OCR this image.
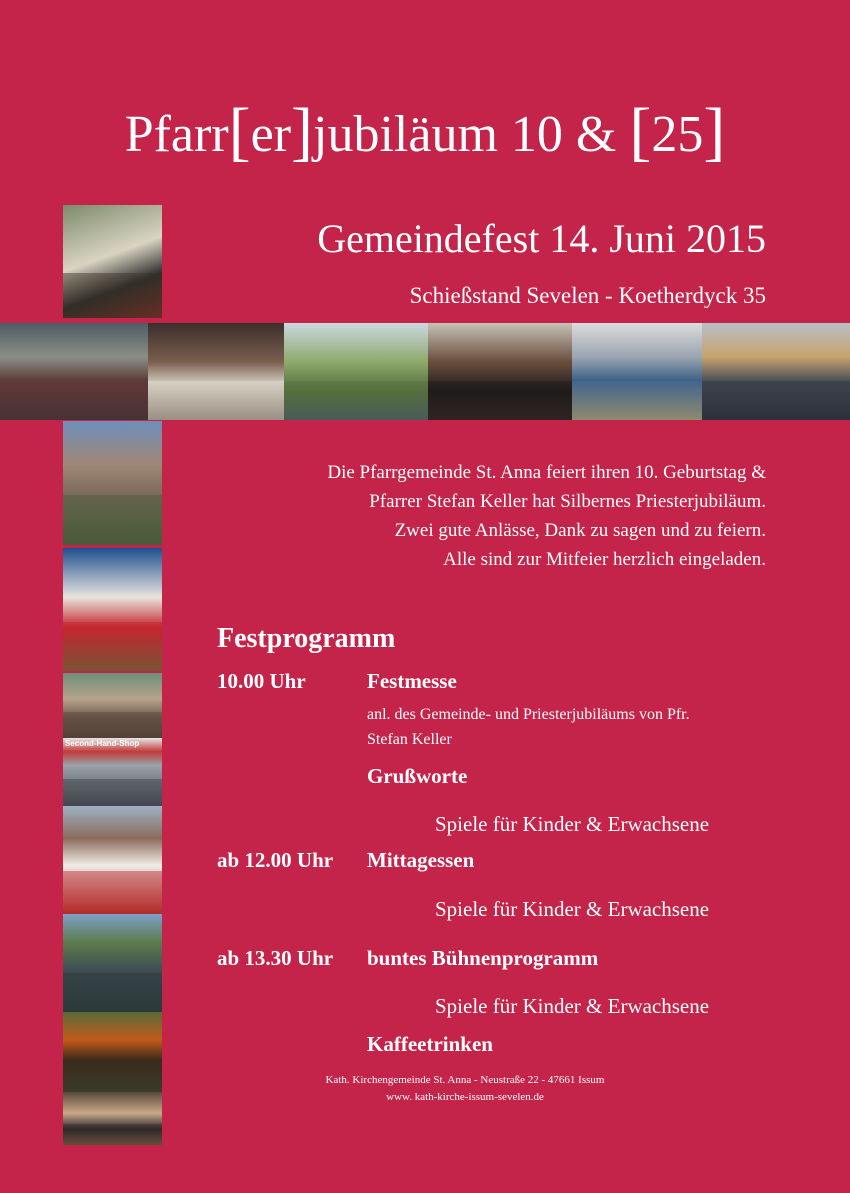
Pfarr[er]jubiläum 10 & [25]
Gemeindefest 14. Juni 2015
Schießstand Sevelen - Koetherdyck 35
Second-Hand-Shop
Die Pfarrgemeinde St. Anna feiert ihren 10. Geburtstag &
Pfarrer Stefan Keller hat Silbernes Priesterjubiläum.
Zwei gute Anlässe, Dank zu sagen und zu feiern.
Alle sind zur Mitfeier herzlich eingeladen.
Festprogramm
10.00 Uhr	Festmesse
anl. des Gemeinde- und Priesterjubiläums von Pfr.
Stefan Keller
Grußworte
Spiele für Kinder & Erwachsene
ab 12.00 Uhr Mittagessen
Spiele für Kinder & Erwachsene
ab 13.30 Uhr buntes Bühnenprogramm
Spiele für Kinder & Erwachsene
Kaffeetrinken
Kath. Kirchengemeinde St. Anna - Neustraße 22 - 47661 Issum
www. kath-kirche-issum-sevelen.de
